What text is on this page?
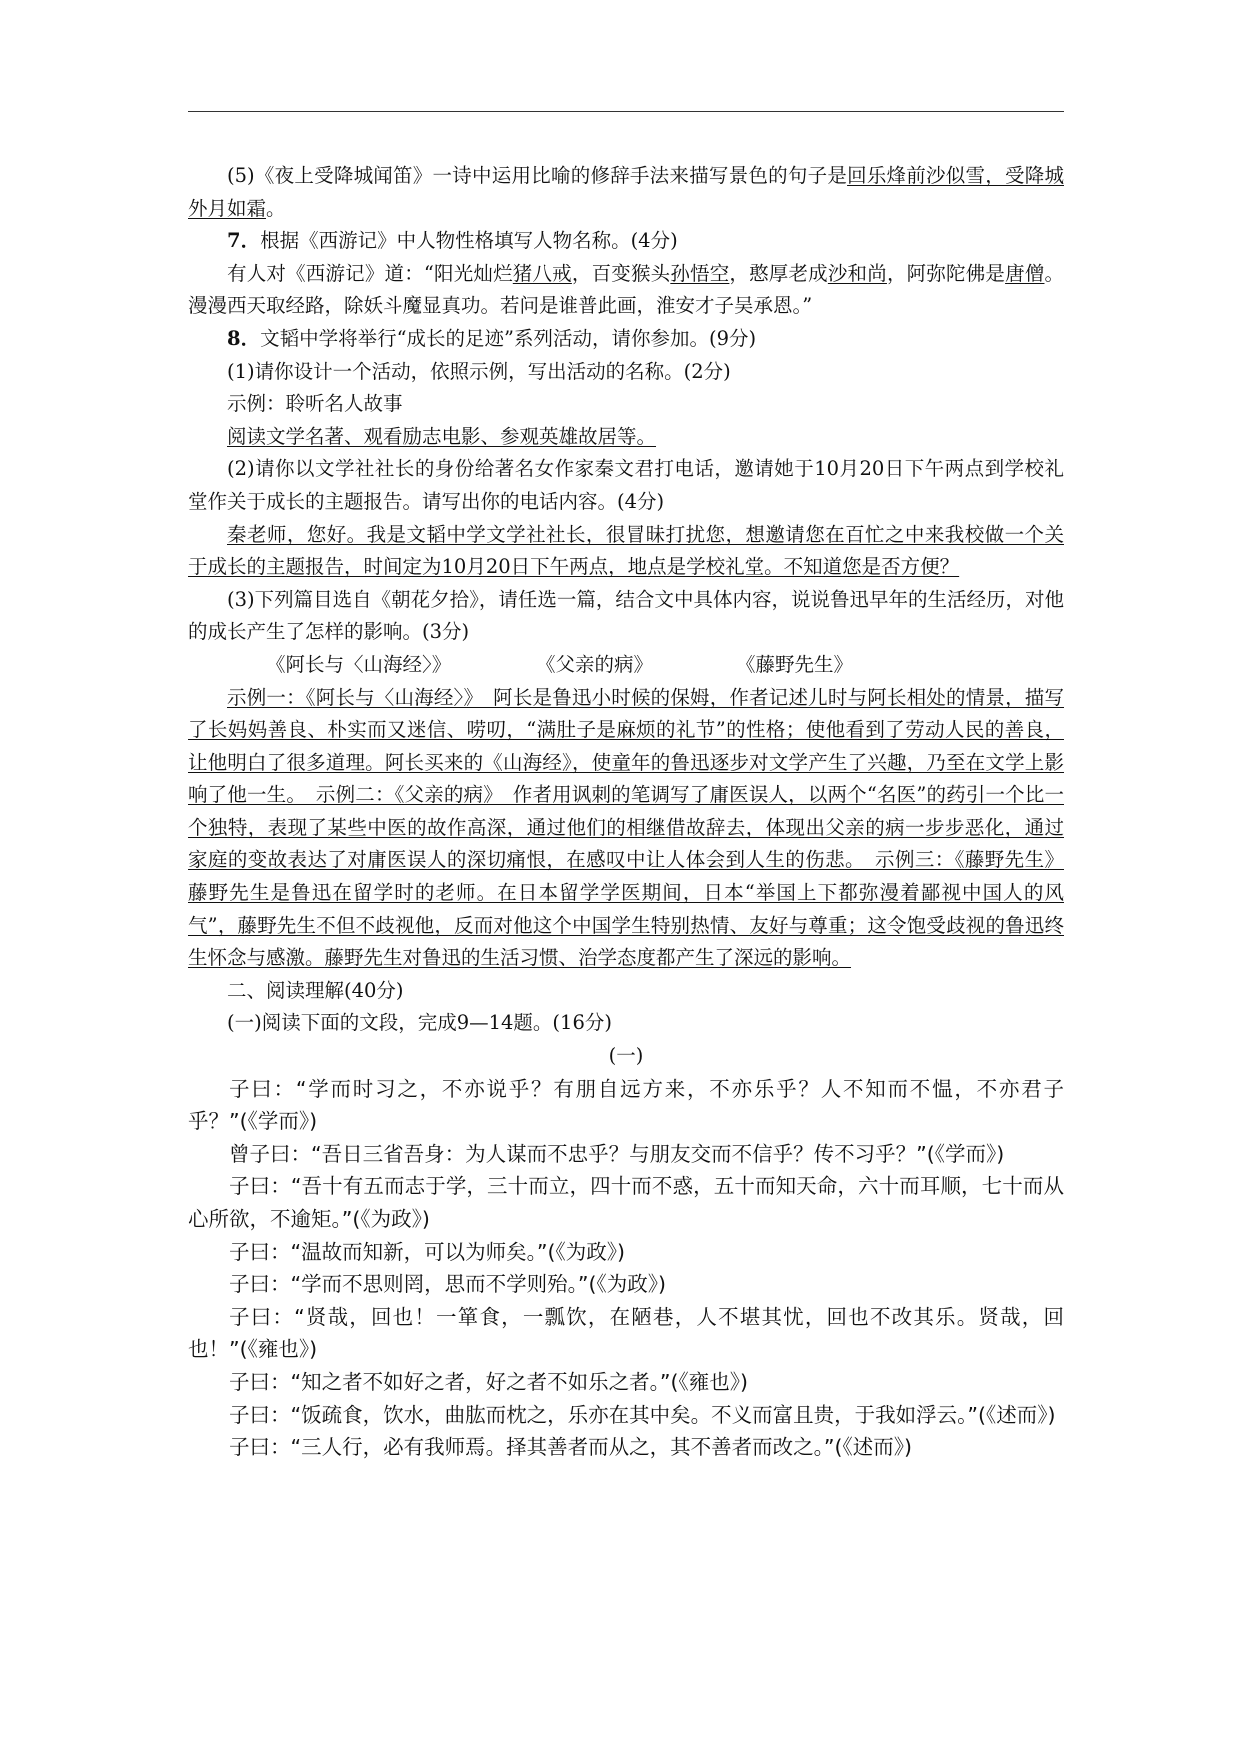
(5)《夜上受降城闻笛》一诗中运用比喻的修辞手法来描写景色的句子是回乐烽前沙似雪，受降城外月如霜。

7．根据《西游记》中人物性格填写人物名称。(4分)

有人对《西游记》道：“阳光灿烂猪八戒，百变猴头孙悟空，憨厚老成沙和尚，阿弥陀佛是唐僧。漫漫西天取经路，除妖斗魔显真功。若问是谁普此画，淮安才子吴承恩。”

8．文韬中学将举行“成长的足迹”系列活动，请你参加。(9分)

(1)请你设计一个活动，依照示例，写出活动的名称。(2分)

示例：聆听名人故事

阅读文学名著、观看励志电影、参观英雄故居等。

(2)请你以文学社社长的身份给著名女作家秦文君打电话，邀请她于10月20日下午两点到学校礼堂作关于成长的主题报告。请写出你的电话内容。(4分)

秦老师，您好。我是文韬中学文学社社长，很冒昧打扰您，想邀请您在百忙之中来我校做一个关于成长的主题报告，时间定为10月20日下午两点，地点是学校礼堂。不知道您是否方便？

(3)下列篇目选自《朝花夕拾》，请任选一篇，结合文中具体内容，说说鲁迅早年的生活经历，对他的成长产生了怎样的影响。(3分)

《阿长与〈山海经〉》	《父亲的病》	《藤野先生》

示例一：《阿长与〈山海经〉》　阿长是鲁迅小时候的保姆，作者记述儿时与阿长相处的情景，描写了长妈妈善良、朴实而又迷信、唠叨，“满肚子是麻烦的礼节”的性格；使他看到了劳动人民的善良，让他明白了很多道理。阿长买来的《山海经》，使童年的鲁迅逐步对文学产生了兴趣，乃至在文学上影响了他一生。　示例二：《父亲的病》　作者用讽刺的笔调写了庸医误人，以两个“名医”的药引一个比一个独特，表现了某些中医的故作高深，通过他们的相继借故辞去，体现出父亲的病一步步恶化，通过家庭的变故表达了对庸医误人的深切痛恨，在感叹中让人体会到人生的伤悲。　示例三：《藤野先生》藤野先生是鲁迅在留学时的老师。在日本留学学医期间，日本“举国上下都弥漫着鄙视中国人的风气”，藤野先生不但不歧视他，反而对他这个中国学生特别热情、友好与尊重；这令饱受歧视的鲁迅终生怀念与感激。藤野先生对鲁迅的生活习惯、治学态度都产生了深远的影响。

二、阅读理解(40分)

(一)阅读下面的文段，完成9—14题。(16分)

(一)

子曰：“学而时习之，不亦说乎？有朋自远方来，不亦乐乎？人不知而不愠，不亦君子乎？”(《学而》)

曾子曰：“吾日三省吾身：为人谋而不忠乎？与朋友交而不信乎？传不习乎？”(《学而》)

子曰：“吾十有五而志于学，三十而立，四十而不惑，五十而知天命，六十而耳顺，七十而从心所欲，不逾矩。”(《为政》)

子曰：“温故而知新，可以为师矣。”(《为政》)

子曰：“学而不思则罔，思而不学则殆。”(《为政》)

子曰：“贤哉，回也！一箪食，一瓢饮，在陋巷，人不堪其忧，回也不改其乐。贤哉，回也！”(《雍也》)

子曰：“知之者不如好之者，好之者不如乐之者。”(《雍也》)

子曰：“饭疏食，饮水，曲肱而枕之，乐亦在其中矣。不义而富且贵，于我如浮云。”(《述而》)

子曰：“三人行，必有我师焉。择其善者而从之，其不善者而改之。”(《述而》)
